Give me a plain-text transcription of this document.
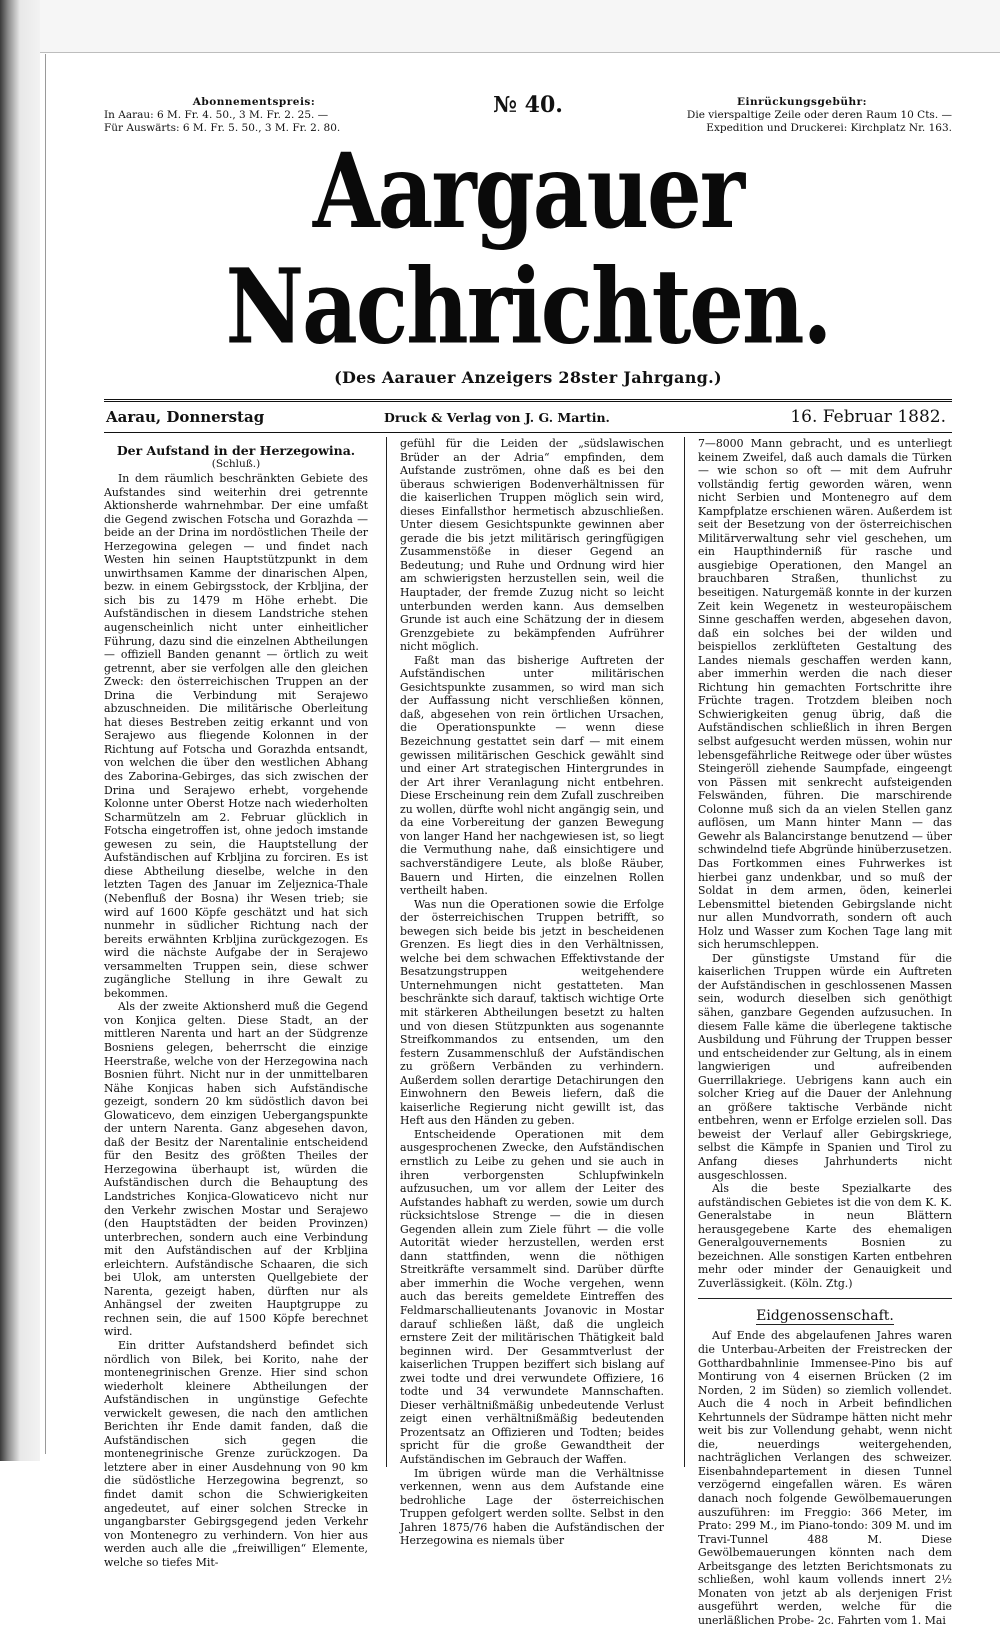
Abonnementspreis:
In Aarau: 6 M. Fr. 4. 50., 3 M. Fr. 2. 25. —
Für Auswärts: 6 M. Fr. 5. 50., 3 M. Fr. 2. 80.
№ 40.	Einrückungsgebühr:
Die vierspaltige Zeile oder deren Raum 10 Cts. —
Expedition und Druckerei: Kirchplatz Nr. 163.
Aargauer Nachrichten.
(Des Aarauer Anzeigers 28ster Jahrgang.)
Aarau, Donnerstag	Druck & Verlag von J. G. Martin.	16. Februar 1882.
Der Aufstand in der Herzegowina.
(Schluß.)

In dem räumlich beschränkten Gebiete des Aufstandes sind weiterhin drei getrennte Aktionsherde wahrnehmbar. Der eine umfaßt die Gegend zwischen Fotscha und Gorazhda — beide an der Drina im nordöstlichen Theile der Herzegowina gelegen — und findet nach Westen hin seinen Hauptstützpunkt in dem unwirthsamen Kamme der dinarischen Alpen, bezw. in einem Gebirgsstock, der Krbljina, der sich bis zu 1479 m Höhe erhebt. Die Aufständischen in diesem Landstriche stehen augenscheinlich nicht unter einheitlicher Führung, dazu sind die einzelnen Abtheilungen — offiziell Banden genannt — örtlich zu weit getrennt, aber sie verfolgen alle den gleichen Zweck: den österreichischen Truppen an der Drina die Verbindung mit Serajewo abzuschneiden. Die militärische Oberleitung hat dieses Bestreben zeitig erkannt und von Serajewo aus fliegende Kolonnen in der Richtung auf Fotscha und Gorazhda entsandt, von welchen die über den westlichen Abhang des Zaborina-Gebirges, das sich zwischen der Drina und Serajewo erhebt, vorgehende Kolonne unter Oberst Hotze nach wiederholten Scharmützeln am 2. Februar glücklich in Fotscha eingetroffen ist, ohne jedoch imstande gewesen zu sein, die Hauptstellung der Aufständischen auf Krbljina zu forciren. Es ist diese Abtheilung dieselbe, welche in den letzten Tagen des Januar im Zeljeznica-Thale (Nebenfluß der Bosna) ihr Wesen trieb; sie wird auf 1600 Köpfe geschätzt und hat sich nunmehr in südlicher Richtung nach der bereits erwähnten Krbljina zurückgezogen. Es wird die nächste Aufgabe der in Serajewo versammelten Truppen sein, diese schwer zugängliche Stellung in ihre Gewalt zu bekommen.

Als der zweite Aktionsherd muß die Gegend von Konjica gelten. Diese Stadt, an der mittleren Narenta und hart an der Südgrenze Bosniens gelegen, beherrscht die einzige Heerstraße, welche von der Herzegowina nach Bosnien führt. Nicht nur in der unmittelbaren Nähe Konjicas haben sich Aufständische gezeigt, sondern 20 km südöstlich davon bei Glowaticevo, dem einzigen Uebergangspunkte der untern Narenta. Ganz abgesehen davon, daß der Besitz der Narentalinie entscheidend für den Besitz des größten Theiles der Herzegowina überhaupt ist, würden die Aufständischen durch die Behauptung des Landstriches Konjica-Glowaticevo nicht nur den Verkehr zwischen Mostar und Serajewo (den Hauptstädten der beiden Provinzen) unterbrechen, sondern auch eine Verbindung mit den Aufständischen auf der Krbljina erleichtern. Aufständische Schaaren, die sich bei Ulok, am untersten Quellgebiete der Narenta, gezeigt haben, dürften nur als Anhängsel der zweiten Hauptgruppe zu rechnen sein, die auf 1500 Köpfe berechnet wird.

Ein dritter Aufstandsherd befindet sich nördlich von Bilek, bei Korito, nahe der montenegrinischen Grenze. Hier sind schon wiederholt kleinere Abtheilungen der Aufständischen in ungünstige Gefechte verwickelt gewesen, die nach den amtlichen Berichten ihr Ende damit fanden, daß die Aufständischen sich gegen die montenegrinische Grenze zurückzogen. Da letztere aber in einer Ausdehnung von 90 km die südöstliche Herzegowina begrenzt, so findet damit schon die Schwierigkeiten angedeutet, auf einer solchen Strecke in ungangbarster Gebirgsgegend jeden Verkehr von Montenegro zu verhindern. Von hier aus werden auch alle die „freiwilligen“ Elemente, welche so tiefes Mit-

gefühl für die Leiden der „südslawischen Brüder an der Adria“ empfinden, dem Aufstande zuströmen, ohne daß es bei den überaus schwierigen Bodenverhältnissen für die kaiserlichen Truppen möglich sein wird, dieses Einfallsthor hermetisch abzuschließen. Unter diesem Gesichtspunkte gewinnen aber gerade die bis jetzt militärisch geringfügigen Zusammenstöße in dieser Gegend an Bedeutung; und Ruhe und Ordnung wird hier am schwierigsten herzustellen sein, weil die Hauptader, der fremde Zuzug nicht so leicht unterbunden werden kann. Aus demselben Grunde ist auch eine Schätzung der in diesem Grenzgebiete zu bekämpfenden Aufrührer nicht möglich.

Faßt man das bisherige Auftreten der Aufständischen unter militärischen Gesichtspunkte zusammen, so wird man sich der Auffassung nicht verschließen können, daß, abgesehen von rein örtlichen Ursachen, die Operationspunkte — wenn diese Bezeichnung gestattet sein darf — mit einem gewissen militärischen Geschick gewählt sind und einer Art strategischen Hintergrundes in der Art ihrer Veranlagung nicht entbehren. Diese Erscheinung rein dem Zufall zuschreiben zu wollen, dürfte wohl nicht angängig sein, und da eine Vorbereitung der ganzen Bewegung von langer Hand her nachgewiesen ist, so liegt die Vermuthung nahe, daß einsichtigere und sachverständigere Leute, als bloße Räuber, Bauern und Hirten, die einzelnen Rollen vertheilt haben.

Was nun die Operationen sowie die Erfolge der österreichischen Truppen betrifft, so bewegen sich beide bis jetzt in bescheidenen Grenzen. Es liegt dies in den Verhältnissen, welche bei dem schwachen Effektivstande der Besatzungstruppen weitgehendere Unternehmungen nicht gestatteten. Man beschränkte sich darauf, taktisch wichtige Orte mit stärkeren Abtheilungen besetzt zu halten und von diesen Stützpunkten aus sogenannte Streifkommandos zu entsenden, um den festern Zusammenschluß der Aufständischen zu größern Verbänden zu verhindern. Außerdem sollen derartige Detachirungen den Einwohnern den Beweis liefern, daß die kaiserliche Regierung nicht gewillt ist, das Heft aus den Händen zu geben.

Entscheidende Operationen mit dem ausgesprochenen Zwecke, den Aufständischen ernstlich zu Leibe zu gehen und sie auch in ihren verborgensten Schlupfwinkeln aufzusuchen, um vor allem der Leiter des Aufstandes habhaft zu werden, sowie um durch rücksichtslose Strenge — die in diesen Gegenden allein zum Ziele führt — die volle Autorität wieder herzustellen, werden erst dann stattfinden, wenn die nöthigen Streitkräfte versammelt sind. Darüber dürfte aber immerhin die Woche vergehen, wenn auch das bereits gemeldete Eintreffen des Feldmarschallieutenants Jovanovic in Mostar darauf schließen läßt, daß die ungleich ernstere Zeit der militärischen Thätigkeit bald beginnen wird. Der Gesammtverlust der kaiserlichen Truppen beziffert sich bislang auf zwei todte und drei verwundete Offiziere, 16 todte und 34 verwundete Mannschaften. Dieser verhältnißmäßig unbedeutende Verlust zeigt einen verhältnißmäßig bedeutenden Prozentsatz an Offizieren und Todten; beides spricht für die große Gewandtheit der Aufständischen im Gebrauch der Waffen.

Im übrigen würde man die Verhältnisse verkennen, wenn aus dem Aufstande eine bedrohliche Lage der österreichischen Truppen gefolgert werden sollte. Selbst in den Jahren 1875/76 haben die Aufständischen der Herzegowina es niemals über

7—8000 Mann gebracht, und es unterliegt keinem Zweifel, daß auch damals die Türken — wie schon so oft — mit dem Aufruhr vollständig fertig geworden wären, wenn nicht Serbien und Montenegro auf dem Kampfplatze erschienen wären. Außerdem ist seit der Besetzung von der österreichischen Militärverwaltung sehr viel geschehen, um ein Haupthinderniß für rasche und ausgiebige Operationen, den Mangel an brauchbaren Straßen, thunlichst zu beseitigen. Naturgemäß konnte in der kurzen Zeit kein Wegenetz in westeuropäischem Sinne geschaffen werden, abgesehen davon, daß ein solches bei der wilden und beispiellos zerklüfteten Gestaltung des Landes niemals geschaffen werden kann, aber immerhin werden die nach dieser Richtung hin gemachten Fortschritte ihre Früchte tragen. Trotzdem bleiben noch Schwierigkeiten genug übrig, daß die Aufständischen schließlich in ihren Bergen selbst aufgesucht werden müssen, wohin nur lebensgefährliche Reitwege oder über wüstes Steingeröll ziehende Saumpfade, eingeengt von Pässen mit senkrecht aufsteigenden Felswänden, führen. Die marschirende Colonne muß sich da an vielen Stellen ganz auflösen, um Mann hinter Mann — das Gewehr als Balancirstange benutzend — über schwindelnd tiefe Abgründe hinüberzusetzen. Das Fortkommen eines Fuhrwerkes ist hierbei ganz undenkbar, und so muß der Soldat in dem armen, öden, keinerlei Lebensmittel bietenden Gebirgslande nicht nur allen Mundvorrath, sondern oft auch Holz und Wasser zum Kochen Tage lang mit sich herumschleppen.

Der günstigste Umstand für die kaiserlichen Truppen würde ein Auftreten der Aufständischen in geschlossenen Massen sein, wodurch dieselben sich genöthigt sähen, ganzbare Gegenden aufzusuchen. In diesem Falle käme die überlegene taktische Ausbildung und Führung der Truppen besser und entscheidender zur Geltung, als in einem langwierigen und aufreibenden Guerrillakriege. Uebrigens kann auch ein solcher Krieg auf die Dauer der Anlehnung an größere taktische Verbände nicht entbehren, wenn er Erfolge erzielen soll. Das beweist der Verlauf aller Gebirgskriege, selbst die Kämpfe in Spanien und Tirol zu Anfang dieses Jahrhunderts nicht ausgeschlossen.

Als die beste Spezialkarte des aufständischen Gebietes ist die von dem K. K. Generalstabe in neun Blättern herausgegebene Karte des ehemaligen Generalgouvernements Bosnien zu bezeichnen. Alle sonstigen Karten entbehren mehr oder minder der Genauigkeit und Zuverlässigkeit. (Köln. Ztg.)

Eidgenossenschaft.

Auf Ende des abgelaufenen Jahres waren die Unterbau-Arbeiten der Freistrecken der Gotthardbahnlinie Immensee-Pino bis auf Montirung von 4 eisernen Brücken (2 im Norden, 2 im Süden) so ziemlich vollendet. Auch die 4 noch in Arbeit befindlichen Kehrtunnels der Südrampe hätten nicht mehr weit bis zur Vollendung gehabt, wenn nicht die, neuerdings weitergehenden, nachträglichen Verlangen des schweizer. Eisenbahndepartement in diesen Tunnel verzögernd eingefallen wären. Es wären danach noch folgende Gewölbemauerungen auszuführen: im Freggio: 366 Meter, im Prato: 299 M., im Piano-tondo: 309 M. und im Travi-Tunnel 488 M. Diese Gewölbemauerungen könnten nach dem Arbeitsgange des letzten Berichtsmonats zu schließen, wohl kaum vollends innert 2½ Monaten von jetzt ab als derjenigen Frist ausgeführt werden, welche für die unerläßlichen Probe- 2c. Fahrten vom 1. Mai
